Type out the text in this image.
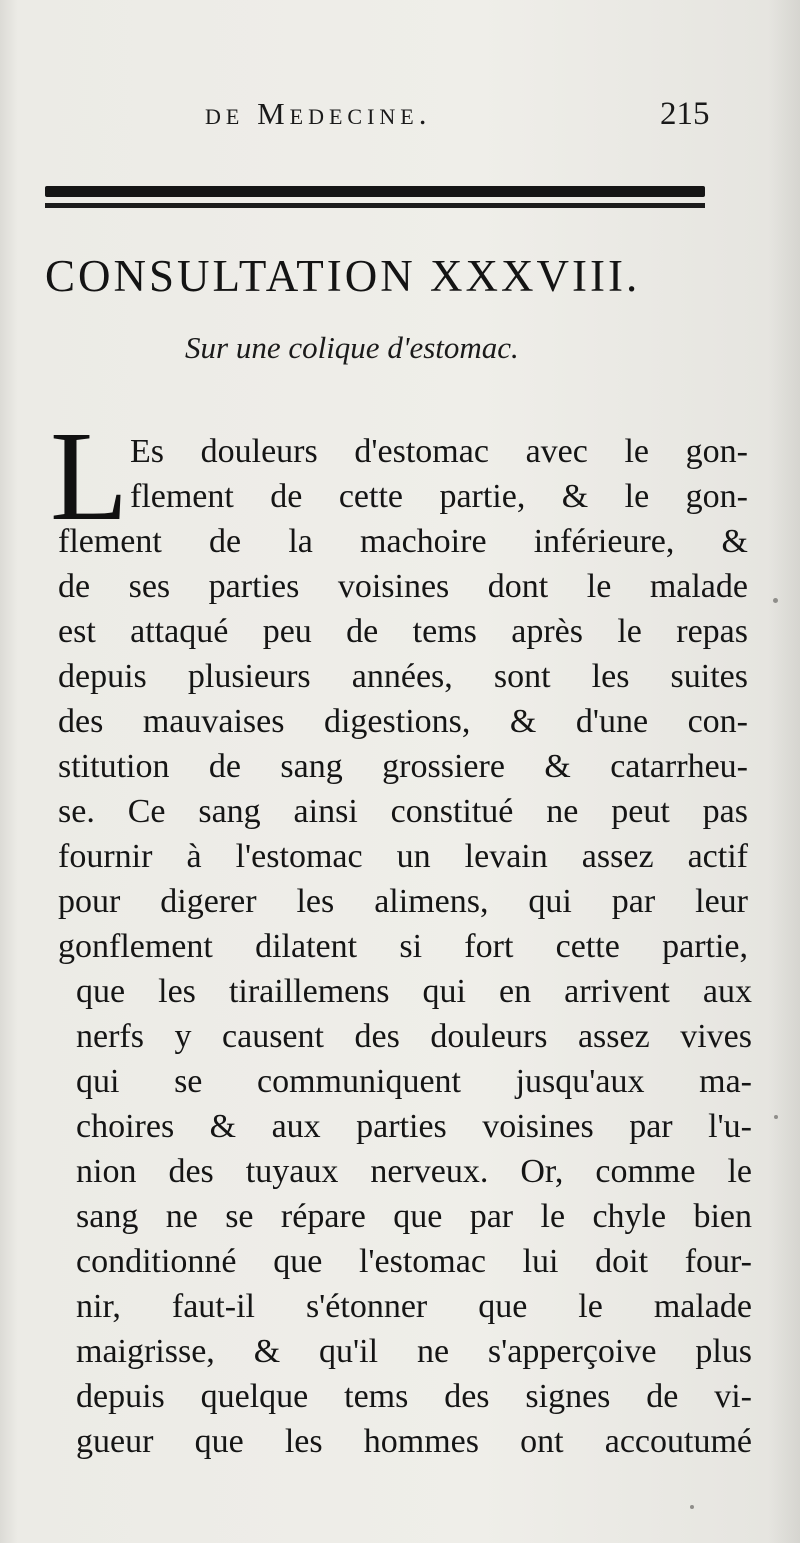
de Medecine.	215
CONSULTATION XXXVIII.
Sur une colique d'estomac.
L Es douleurs d'estomac avec le gon-
flement de cette partie, & le gon-
flement de la machoire inférieure, &
de ses parties voisines dont le malade
est attaqué peu de tems après le repas
depuis plusieurs années, sont les suites
des mauvaises digestions, & d'une con-
stitution de sang grossiere & catarrheu-
se. Ce sang ainsi constitué ne peut pas
fournir à l'estomac un levain assez actif
pour digerer les alimens, qui par leur
gonflement dilatent si fort cette partie,
que les tiraillemens qui en arrivent aux
nerfs y causent des douleurs assez vives
qui se communiquent jusqu'aux ma-
choires & aux parties voisines par l'u-
nion des tuyaux nerveux. Or, comme le
sang ne se répare que par le chyle bien
conditionné que l'estomac lui doit four-
nir, faut-il s'étonner que le malade
maigrisse, & qu'il ne s'apperçoive plus
depuis quelque tems des signes de vi-
gueur que les hommes ont accoutumé
